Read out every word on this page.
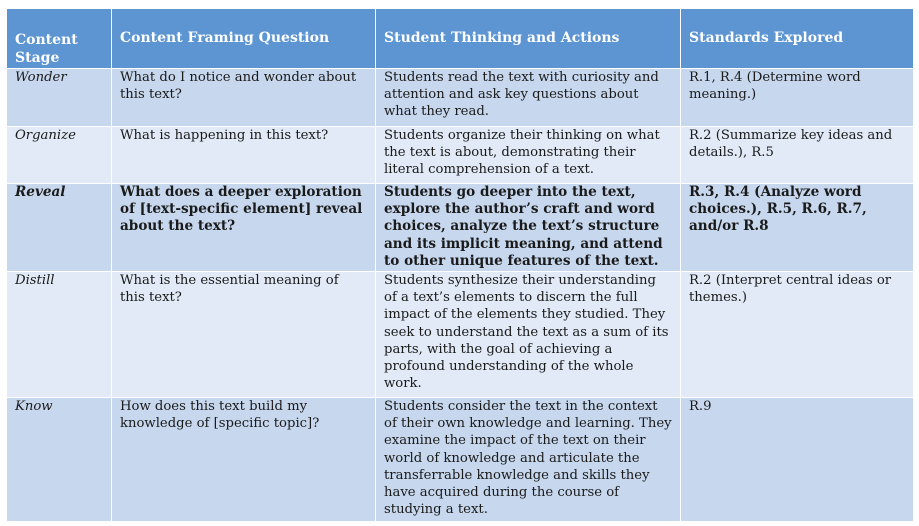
Content Stage	Content Framing Question	Student Thinking and Actions	Standards Explored
Wonder	What do I notice and wonder about this text?	Students read the text with curiosity and attention and ask key questions about what they read.	R.1, R.4 (Determine word meaning.)
Organize	What is happening in this text?	Students organize their thinking on what the text is about, demonstrating their literal comprehension of a text.	R.2 (Summarize key ideas and details.), R.5
Reveal	What does a deeper exploration of [text-specific element] reveal about the text?	Students go deeper into the text, explore the author’s craft and word choices, analyze the text’s structure and its implicit meaning, and attend to other unique features of the text.	R.3, R.4 (Analyze word choices.), R.5, R.6, R.7, and/or R.8
Distill	What is the essential meaning of this text?	Students synthesize their understanding of a text’s elements to discern the full impact of the elements they studied. They seek to understand the text as a sum of its parts, with the goal of achieving a profound understanding of the whole work.	R.2 (Interpret central ideas or themes.)
Know	How does this text build my knowledge of [specific topic]?	Students consider the text in the context of their own knowledge and learning. They examine the impact of the text on their world of knowledge and articulate the transferrable knowledge and skills they have acquired during the course of studying a text.	R.9
